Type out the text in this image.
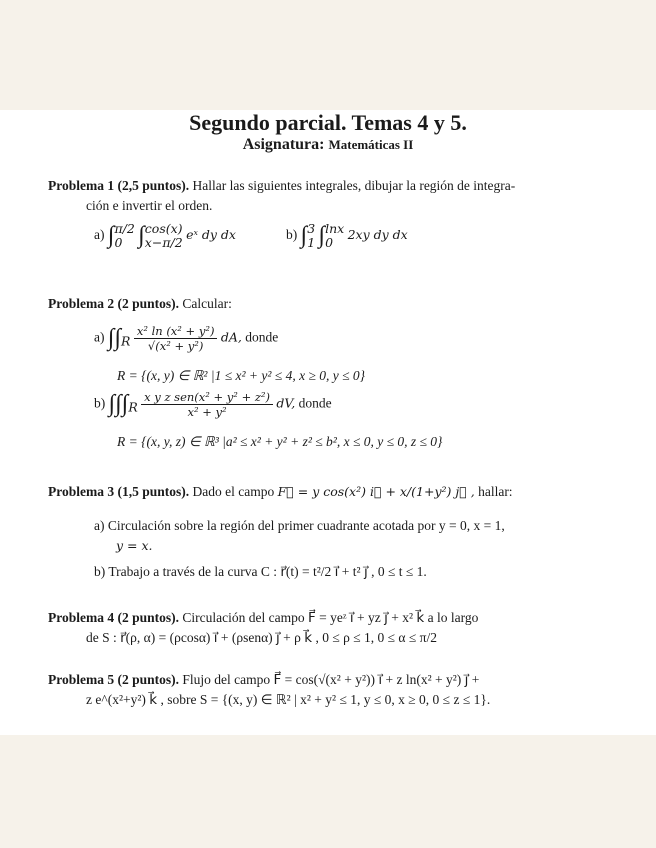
Segundo parcial. Temas 4 y 5.
Asignatura: Matemáticas II
Problema 1 (2,5 puntos). Hallar las siguientes integrales, dibujar la región de integra-
ción e invertir el orden.
a) ∫ π/2
0 ∫ cos(x)
x−π/2
eˣ dy dx	b) ∫ 3
1 ∫ lnx
0
2xy dy dx
Problema 2 (2 puntos). Calcular:
a) $\int\int_R \frac{\text{x² ln (x² + y²)}}{\text{√(x² + y²)}}$ dA, donde
R = {(x, y) ∈ ℝ² |1 ≤ x² + y² ≤ 4, x ≥ 0, y ≤ 0}
b) $\int\int\int_R \frac{\text{x y z sen(x² + y² + z²)}}{\text{x² + y²}}$ dV, donde
R = {(x, y, z) ∈ ℝ³ |a² ≤ x² + y² + z² ≤ b², x ≤ 0, y ≤ 0, z ≤ 0}
Problema 3 (1,5 puntos). Dado el campo F⃗ = y cos(x²) i⃗ + x/(1+y²) j⃗ , hallar:
a) Circulación sobre la región del primer cuadrante acotada por y = 0, x = 1,
y = x.
b) Trabajo a través de la curva C : r⃗(t) = t²/2 i⃗ + t² j⃗ , 0 ≤ t ≤ 1.
Problema 4 (2 puntos). Circulación del campo F⃗ = yeᶻ i⃗ + yz j⃗ + x² k⃗ a lo largo
de S : r⃗(ρ, α) = (ρcosα) i⃗ + (ρsenα) j⃗ + ρ k⃗ , 0 ≤ ρ ≤ 1, 0 ≤ α ≤ π/2
Problema 5 (2 puntos). Flujo del campo F⃗ = cos(√(x² + y²)) i⃗ + z ln(x² + y²) j⃗ +
z e^(x²+y²) k⃗ , sobre S = {(x, y) ∈ ℝ² | x² + y² ≤ 1, y ≤ 0, x ≥ 0, 0 ≤ z ≤ 1}.
